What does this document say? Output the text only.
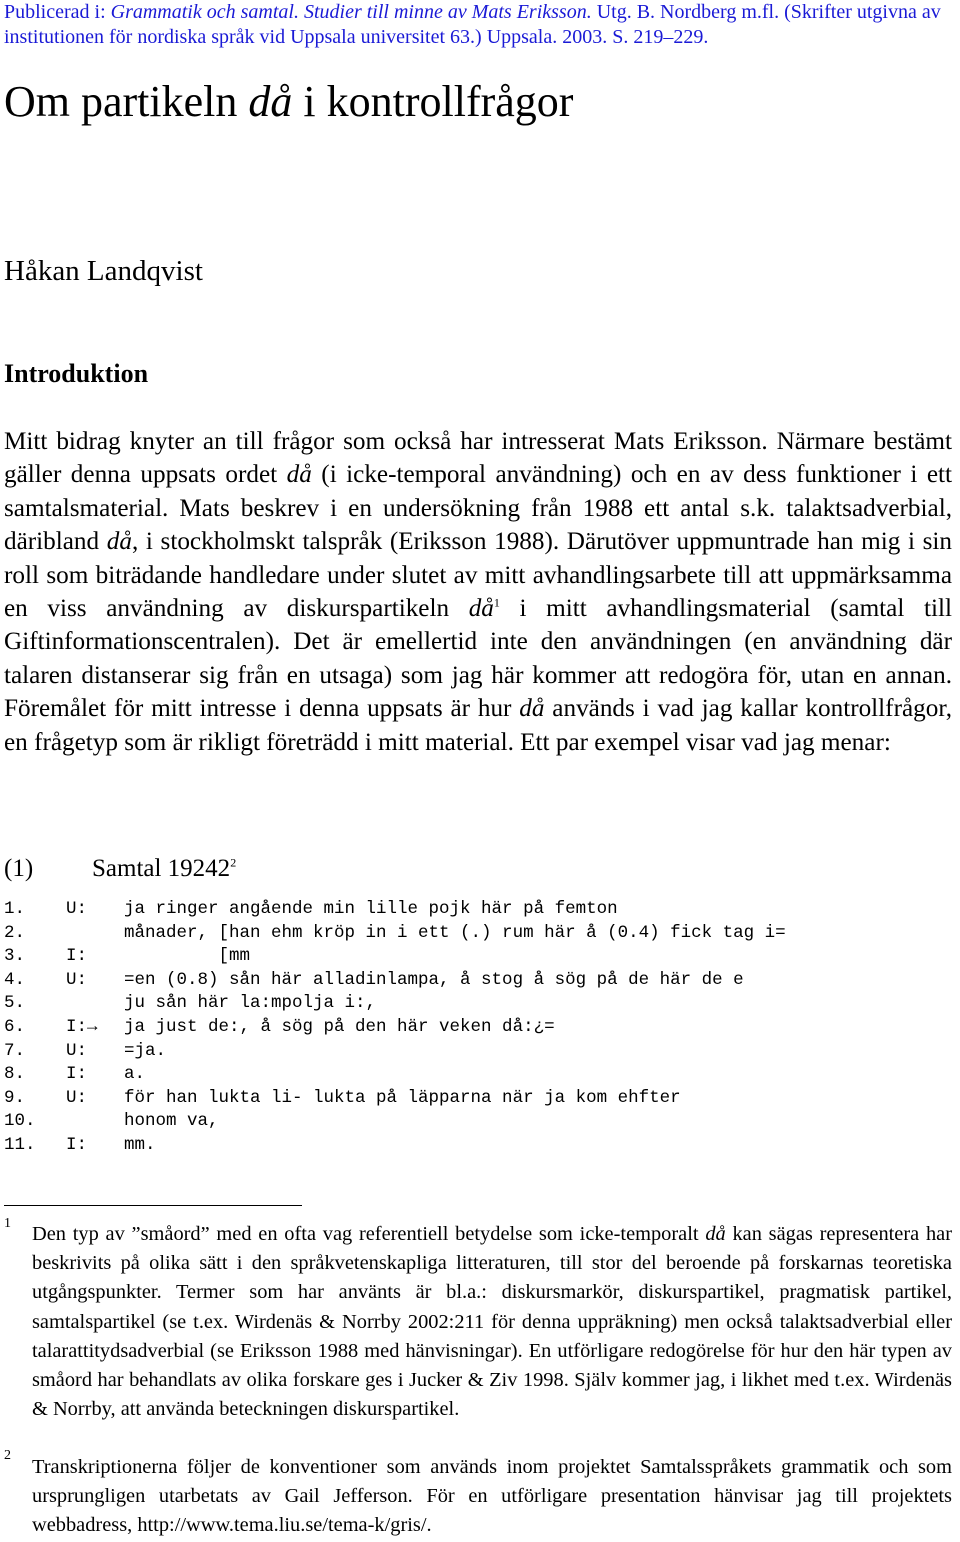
Publicerad i: Grammatik och samtal. Studier till minne av Mats Eriksson. Utg. B. Nordberg m.fl. (Skrifter utgivna av institutionen för nordiska språk vid Uppsala universitet 63.) Uppsala. 2003. S. 219–229.
Om partikeln då i kontrollfrågor
Håkan Landqvist
Introduktion

Mitt bidrag knyter an till frågor som också har intresserat Mats Eriksson. Närmare bestämt gäller denna uppsats ordet då (i icke-temporal användning) och en av dess funktioner i ett samtalsmaterial. Mats beskrev i en undersökning från 1988 ett antal s.k. talaktsadverbial, däribland då, i stockholmskt talspråk (Eriksson 1988). Därutöver uppmuntrade han mig i sin roll som biträdande handledare under slutet av mitt avhandlingsarbete till att uppmärksamma en viss användning av diskurspartikeln $då^1$ i mitt avhandlingsmaterial (samtal till Giftinformationscentralen). Det är emellertid inte den användningen (en användning där talaren distanserar sig från en utsaga) som jag här kommer att redogöra för, utan en annan. Föremålet för mitt intresse i denna uppsats är hur då används i vad jag kallar kontrollfrågor, en frågetyp som är rikligt företrädd i mitt material. Ett par exempel visar vad jag menar:

(1) Samtal 19242$^2$
1. U: ja ringer angående min lille pojk här på femton
2.	månader, [han ehm kröp in i ett (.) rum här å (0.4) fick tag i=
3. I:         [mm
4. U: =en (0.8) sån här alladinlampa, å stog å sög på de här de e
5.	ju sån här la:mpolja i:,
6. I:→ ja just de:, å sög på den här veken då:¿=
7. U: =ja.
8. I: a.
9. U: för han lukta li- lukta på läpparna när ja kom ehfter
10.	honom va,
11. I: mm.
1 Den typ av ”småord” med en ofta vag referentiell betydelse som icke-temporalt då kan sägas representera har beskrivits på olika sätt i den språkvetenskapliga litteraturen, till stor del beroende på forskarnas teoretiska utgångspunkter. Termer som har använts är bl.a.: diskursmarkör, diskurspartikel, pragmatisk partikel, samtalspartikel (se t.ex. Wirdenäs & Norrby 2002:211 för denna uppräkning) men också talaktsadverbial eller talarattitydsadverbial (se Eriksson 1988 med hänvisningar). En utförligare redogörelse för hur den här typen av småord har behandlats av olika forskare ges i Jucker & Ziv 1998. Själv kommer jag, i likhet med t.ex. Wirdenäs & Norrby, att använda beteckningen diskurspartikel.

2

Transkriptionerna följer de konventioner som används inom projektet Samtalsspråkets grammatik och som ursprungligen utarbetats av Gail Jefferson. För en utförligare presentation hänvisar jag till projektets webbadress, http://www.tema.liu.se/tema-k/gris/.
